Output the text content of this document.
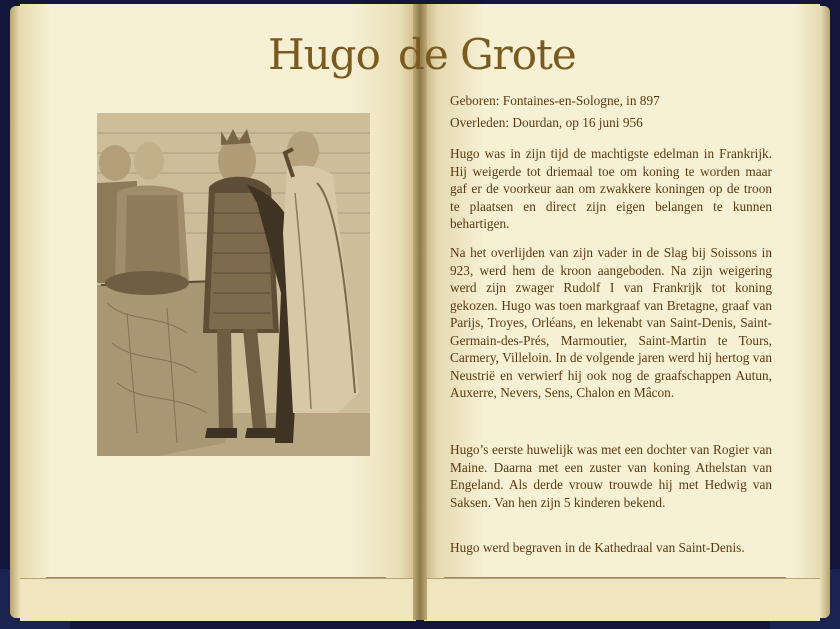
Hugo de Grote
Geboren: Fontaines-en-Sologne, in 897
Overleden: Dourdan, op 16 juni 956
Hugo was in zijn tijd de machtigste edelman in Frankrijk. Hij weigerde tot driemaal toe om koning te worden maar gaf er de voorkeur aan om zwakkere koningen op de troon te plaatsen en direct zijn eigen belangen te kunnen behartigen.
Na het overlijden van zijn vader in de Slag bij Soissons in 923, werd hem de kroon aangeboden. Na zijn weigering werd zijn zwager Rudolf I van Frankrijk tot koning gekozen. Hugo was toen markgraaf van Bretagne, graaf van Parijs, Troyes, Orléans, en lekenabt van Saint-Denis, Saint-Germain-des-Prés, Marmoutier, Saint-Martin te Tours, Carmery, Villeloin. In de volgende jaren werd hij hertog van Neustrië en verwierf hij ook nog de graafschappen Autun, Auxerre, Nevers, Sens, Chalon en Mâcon.
Hugo’s eerste huwelijk was met een dochter van Rogier van Maine. Daarna met een zuster van koning Athelstan van Engeland. Als derde vrouw trouwde hij met Hedwig van Saksen. Van hen zijn 5 kinderen bekend.
Hugo werd begraven in de Kathedraal van Saint-Denis.
